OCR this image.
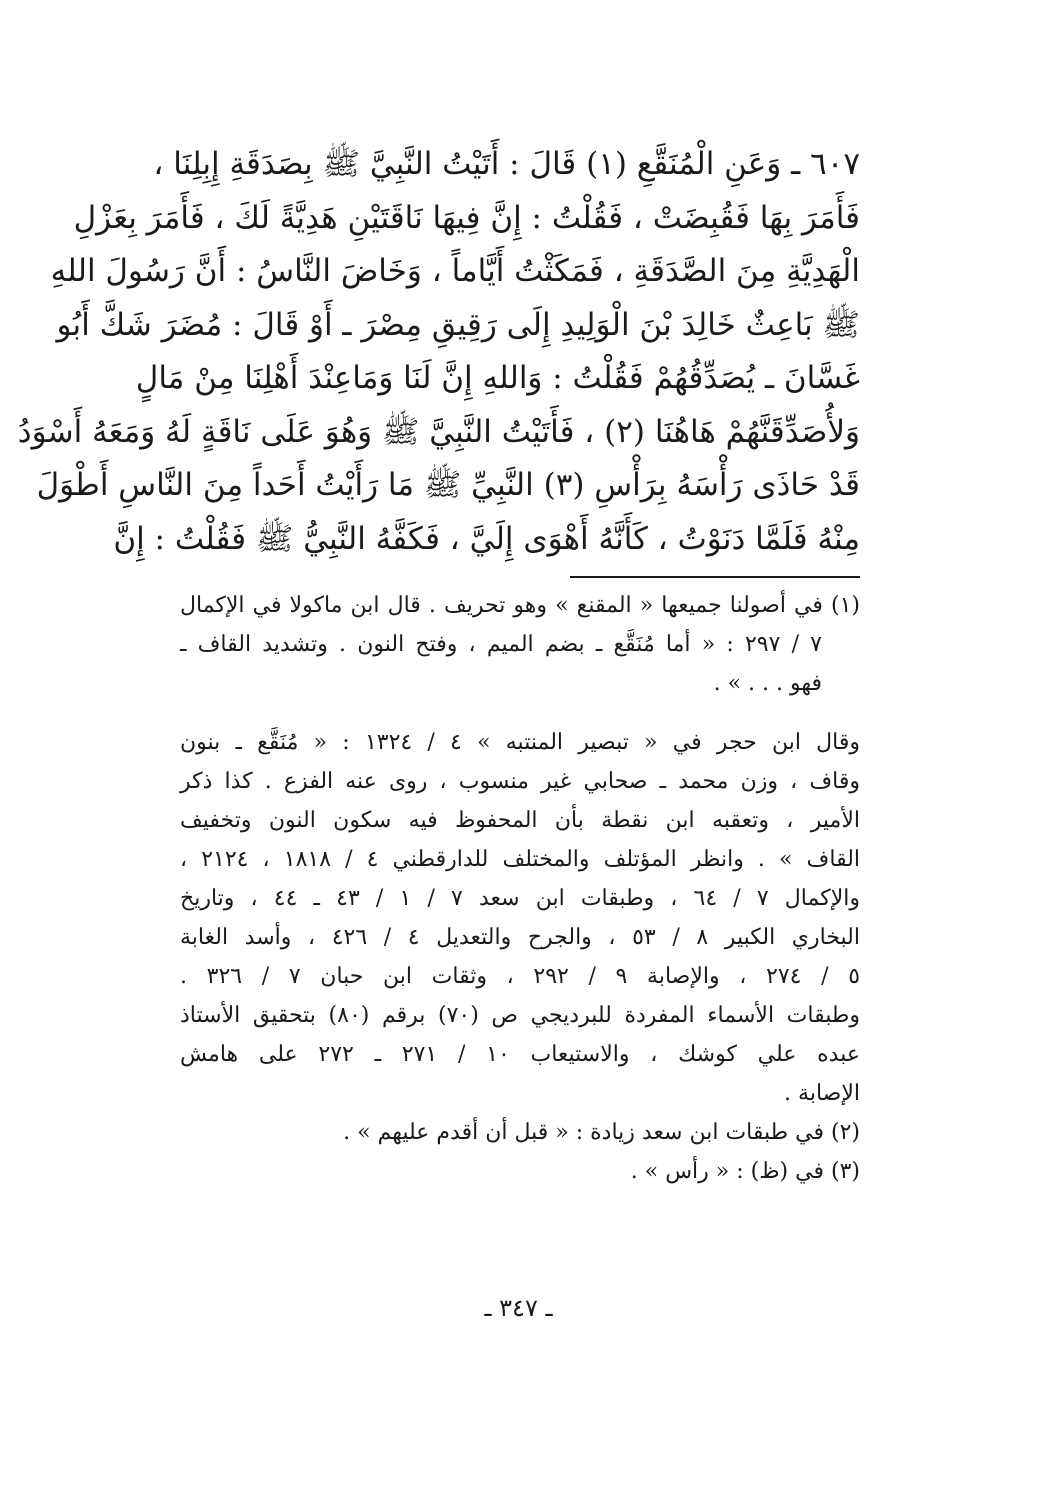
٦٠٧ ـ وَعَنِ الْمُنَقَّعِ (١) قَالَ : أَتَيْتُ النَّبِيَّ ﷺ بِصَدَقَةِ إِبِلِنَا ،
فَأَمَرَ بِهَا فَقُبِضَتْ ، فَقُلْتُ : إِنَّ فِيهَا نَاقَتَيْنِ هَدِيَّةً لَكَ ، فَأَمَرَ بِعَزْلِ
الْهَدِيَّةِ مِنَ الصَّدَقَةِ ، فَمَكَثْتُ أَيَّاماً ، وَخَاضَ النَّاسُ : أَنَّ رَسُولَ اللهِ
ﷺ بَاعِثٌ خَالِدَ بْنَ الْوَلِيدِ إِلَى رَقِيقِ مِصْرَ ـ أَوْ قَالَ : مُضَرَ شَكَّ أَبُو
غَسَّانَ ـ يُصَدِّقُهُمْ فَقُلْتُ : وَاللهِ إِنَّ لَنَا وَمَاعِنْدَ أَهْلِنَا مِنْ مَالٍ
وَلأُصَدِّقَنَّهُمْ هَاهُنَا (٢) ، فَأَتَيْتُ النَّبِيَّ ﷺ وَهُوَ عَلَى نَاقَةٍ لَهُ وَمَعَهُ أَسْوَدُ
قَدْ حَاذَى رَأْسَهُ بِرَأْسِ (٣) النَّبِيِّ ﷺ مَا رَأَيْتُ أَحَداً مِنَ النَّاسِ أَطْوَلَ
مِنْهُ فَلَمَّا دَنَوْتُ ، كَأَنَّهُ أَهْوَى إِلَيَّ ، فَكَفَّهُ النَّبِيُّ ﷺ فَقُلْتُ : إِنَّ
(١) في أصولنا جميعها « المقنع » وهو تحريف . قال ابن ماكولا في الإكمال
٧ / ٢٩٧ : « أما مُنَقَّع ـ بضم الميم ، وفتح النون . وتشديد القاف ـ
فهو . . . » .
وقال ابن حجر في « تبصير المنتبه » ٤ / ١٣٢٤ : « مُنَقَّع ـ بنون
وقاف ، وزن محمد ـ صحابي غير منسوب ، روى عنه الفزع . كذا ذكر
الأمير ، وتعقبه ابن نقطة بأن المحفوظ فيه سكون النون وتخفيف
القاف » . وانظر المؤتلف والمختلف للدارقطني ٤ / ١٨١٨ ، ٢١٢٤ ،
والإكمال ٧ / ٦٤ ، وطبقات ابن سعد ٧ / ١ / ٤٣ ـ ٤٤ ، وتاريخ
البخاري الكبير ٨ / ٥٣ ، والجرح والتعديل ٤ / ٤٢٦ ، وأسد الغابة
٥ / ٢٧٤ ، والإصابة ٩ / ٢٩٢ ، وثقات ابن حبان ٧ / ٣٢٦ .
وطبقات الأسماء المفردة للبرديجي ص (٧٠) برقم (٨٠) بتحقيق الأستاذ
عبده علي كوشك ، والاستيعاب ١٠ / ٢٧١ ـ ٢٧٢ على هامش
الإصابة .
(٢) في طبقات ابن سعد زيادة : « قبل أن أقدم عليهم » .
(٣) في (ظ) : « رأس » .
ـ ٣٤٧ ـ
